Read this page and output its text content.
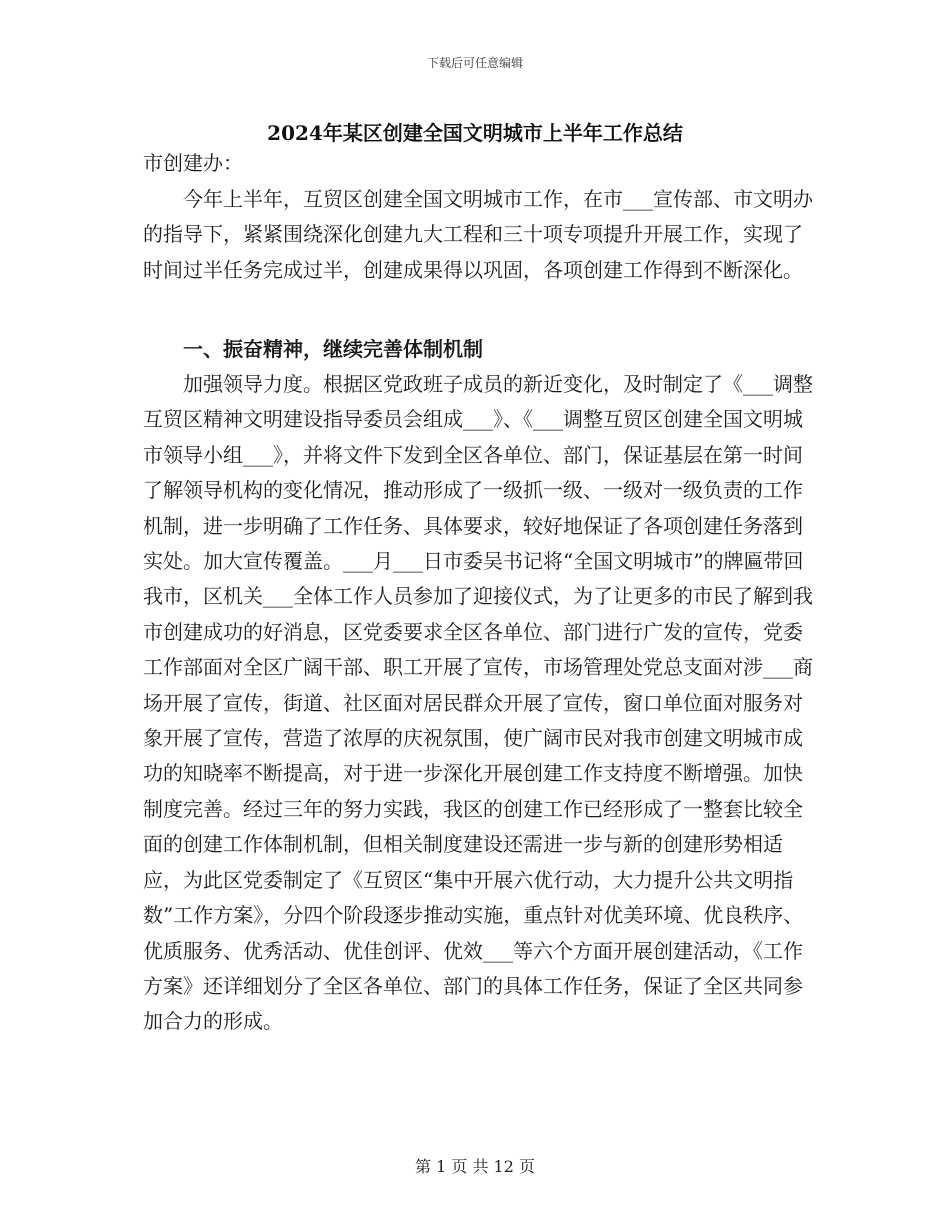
下载后可任意编辑
2024年某区创建全国文明城市上半年工作总结
市创建办：
今年上半年，互贸区创建全国文明城市工作，在市___宣传部、市文明办的指导下，紧紧围绕深化创建九大工程和三十项专项提升开展工作，实现了时间过半任务完成过半，创建成果得以巩固，各项创建工作得到不断深化。
一、振奋精神，继续完善体制机制
加强领导力度。根据区党政班子成员的新近变化，及时制定了《___调整互贸区精神文明建设指导委员会组成___》、《___调整互贸区创建全国文明城市领导小组___》，并将文件下发到全区各单位、部门，保证基层在第一时间了解领导机构的变化情况，推动形成了一级抓一级、一级对一级负责的工作机制，进一步明确了工作任务、具体要求，较好地保证了各项创建任务落到实处。加大宣传覆盖。___月___日市委吴书记将“全国文明城市”的牌匾带回我市，区机关___全体工作人员参加了迎接仪式，为了让更多的市民了解到我市创建成功的好消息，区党委要求全区各单位、部门进行广发的宣传，党委工作部面对全区广阔干部、职工开展了宣传，市场管理处党总支面对涉___商场开展了宣传，街道、社区面对居民群众开展了宣传，窗口单位面对服务对象开展了宣传，营造了浓厚的庆祝氛围，使广阔市民对我市创建文明城市成功的知晓率不断提高，对于进一步深化开展创建工作支持度不断增强。加快制度完善。经过三年的努力实践，我区的创建工作已经形成了一整套比较全面的创建工作体制机制，但相关制度建设还需进一步与新的创建形势相适应，为此区党委制定了《互贸区“集中开展六优行动，大力提升公共文明指数”工作方案》，分四个阶段逐步推动实施，重点针对优美环境、优良秩序、优质服务、优秀活动、优佳创评、优效___等六个方面开展创建活动，《工作方案》还详细划分了全区各单位、部门的具体工作任务，保证了全区共同参加合力的形成。
第 1 页 共 12 页
